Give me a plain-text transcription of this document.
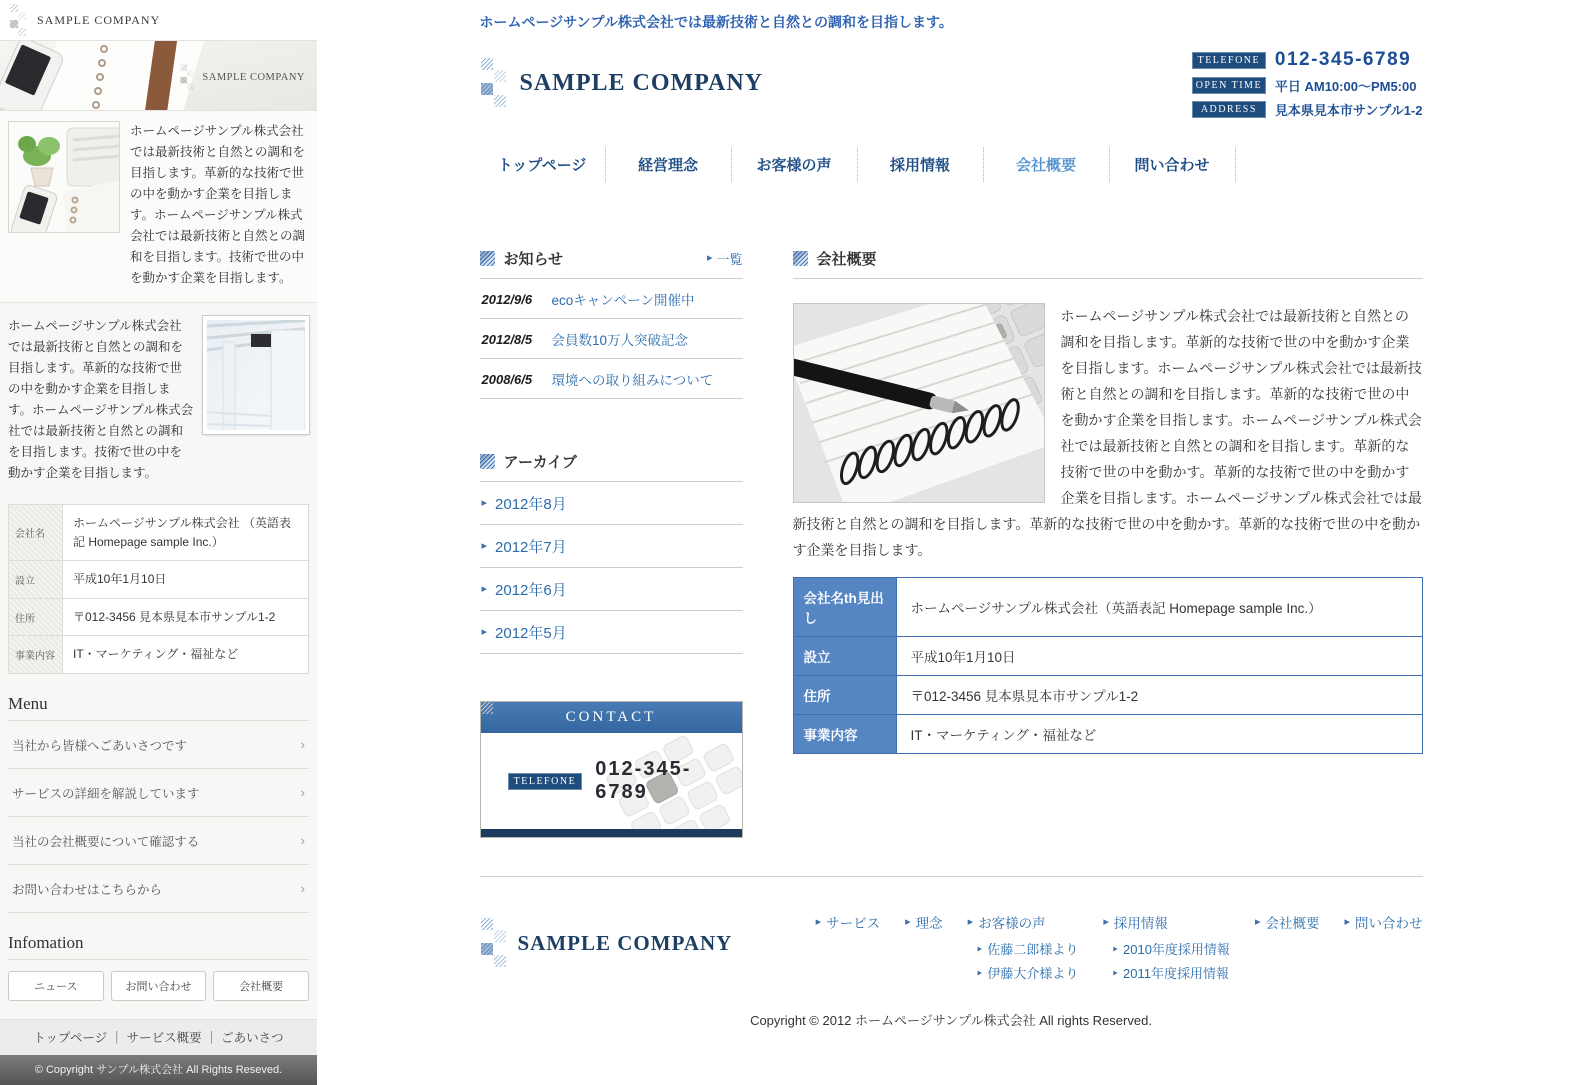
SAMPLE COMPANY
SAMPLE COMPANY

ホームページサンプル株式会社では最新技術と自然との調和を目指します。革新的な技術で世の中を動かす企業を目指します。ホームページサンプル株式会社では最新技術と自然との調和を目指します。技術で世の中を動かす企業を目指します。

ホームページサンプル株式会社では最新技術と自然との調和を目指します。革新的な技術で世の中を動かす企業を目指します。ホームページサンプル株式会社では最新技術と自然との調和を目指します。技術で世の中を動かす企業を目指します。

会社名	ホームページサンプル株式会社 （英語表記 Homepage sample Inc.）
設立	平成10年1月10日
住所	〒012-3456 見本県見本市サンプル1-2
事業内容	IT・マーケティング・福祉など
Menu
当社から皆様へごあいさつです
›
サービスの詳細を解説しています
›
当社の会社概要について確認する
›
お問い合わせはこちらから
›
Infomation
ニュース	お問い合わせ	会社概要
トップページ ｜ サービス概要 ｜ ごあいさつ
© Copyright サンプル株式会社 All Rights Reseved.

ホームページサンプル株式会社では最新技術と自然との調和を目指します。

SAMPLE COMPANY
TELEFONE 012-345-6789
OPEN TIME 平日 AM10:00〜PM5:00
ADDRESS	見本県見本市サンプル1-2
トップページ	経営理念	お客様の声	採用情報	会社概要	問い合わせ
お知らせ ▸	一覧
2012/9/6	ecoキャンペーン開催中
2012/8/5	会員数10万人突破記念
2008/6/5	環境への取り組みについて
アーカイブ
▸
2012年8月
▸
2012年7月
▸
2012年6月
▸
2012年5月
CONTACT
TELEFONE
012-345-6789
会社概要

ホームページサンプル株式会社では最新技術と自然との調和を目指します。革新的な技術で世の中を動かす企業を目指します。ホームページサンプル株式会社では最新技術と自然との調和を目指します。革新的な技術で世の中を動かす企業を目指します。ホームページサンプル株式会社では最新技術と自然との調和を目指します。革新的な技術で世の中を動かす。革新的な技術で世の中を動かす企業を目指します。ホームページサンプル株式会社では最新技術と自然との調和を目指します。革新的な技術で世の中を動かす。革新的な技術で世の中を動かす企業を目指します。

会社名th見出し	ホームページサンプル株式会社（英語表記 Homepage sample Inc.）
設立	平成10年1月10日
住所	〒012-3456 見本県見本市サンプル1-2
事業内容	IT・マーケティング・福祉など
SAMPLE COMPANY
▸
サービス ▸	理念 ▸	お客様の声
‣ 佐藤二郎様より
‣ 伊藤大介様より
▸
採用情報
‣ 2010年度採用情報
‣ 2011年度採用情報
▸
会社概要 ▸	問い合わせ
Copyright © 2012 ホームページサンプル株式会社 All rights Reserved.
